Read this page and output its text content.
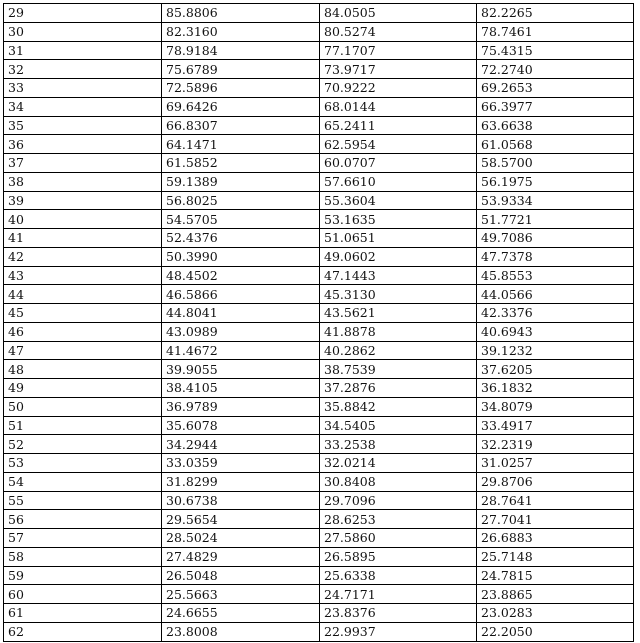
29	85.8806	84.0505	82.2265
30	82.3160	80.5274	78.7461
31	78.9184	77.1707	75.4315
32	75.6789	73.9717	72.2740
33	72.5896	70.9222	69.2653
34	69.6426	68.0144	66.3977
35	66.8307	65.2411	63.6638
36	64.1471	62.5954	61.0568
37	61.5852	60.0707	58.5700
38	59.1389	57.6610	56.1975
39	56.8025	55.3604	53.9334
40	54.5705	53.1635	51.7721
41	52.4376	51.0651	49.7086
42	50.3990	49.0602	47.7378
43	48.4502	47.1443	45.8553
44	46.5866	45.3130	44.0566
45	44.8041	43.5621	42.3376
46	43.0989	41.8878	40.6943
47	41.4672	40.2862	39.1232
48	39.9055	38.7539	37.6205
49	38.4105	37.2876	36.1832
50	36.9789	35.8842	34.8079
51	35.6078	34.5405	33.4917
52	34.2944	33.2538	32.2319
53	33.0359	32.0214	31.0257
54	31.8299	30.8408	29.8706
55	30.6738	29.7096	28.7641
56	29.5654	28.6253	27.7041
57	28.5024	27.5860	26.6883
58	27.4829	26.5895	25.7148
59	26.5048	25.6338	24.7815
60	25.5663	24.7171	23.8865
61	24.6655	23.8376	23.0283
62	23.8008	22.9937	22.2050
